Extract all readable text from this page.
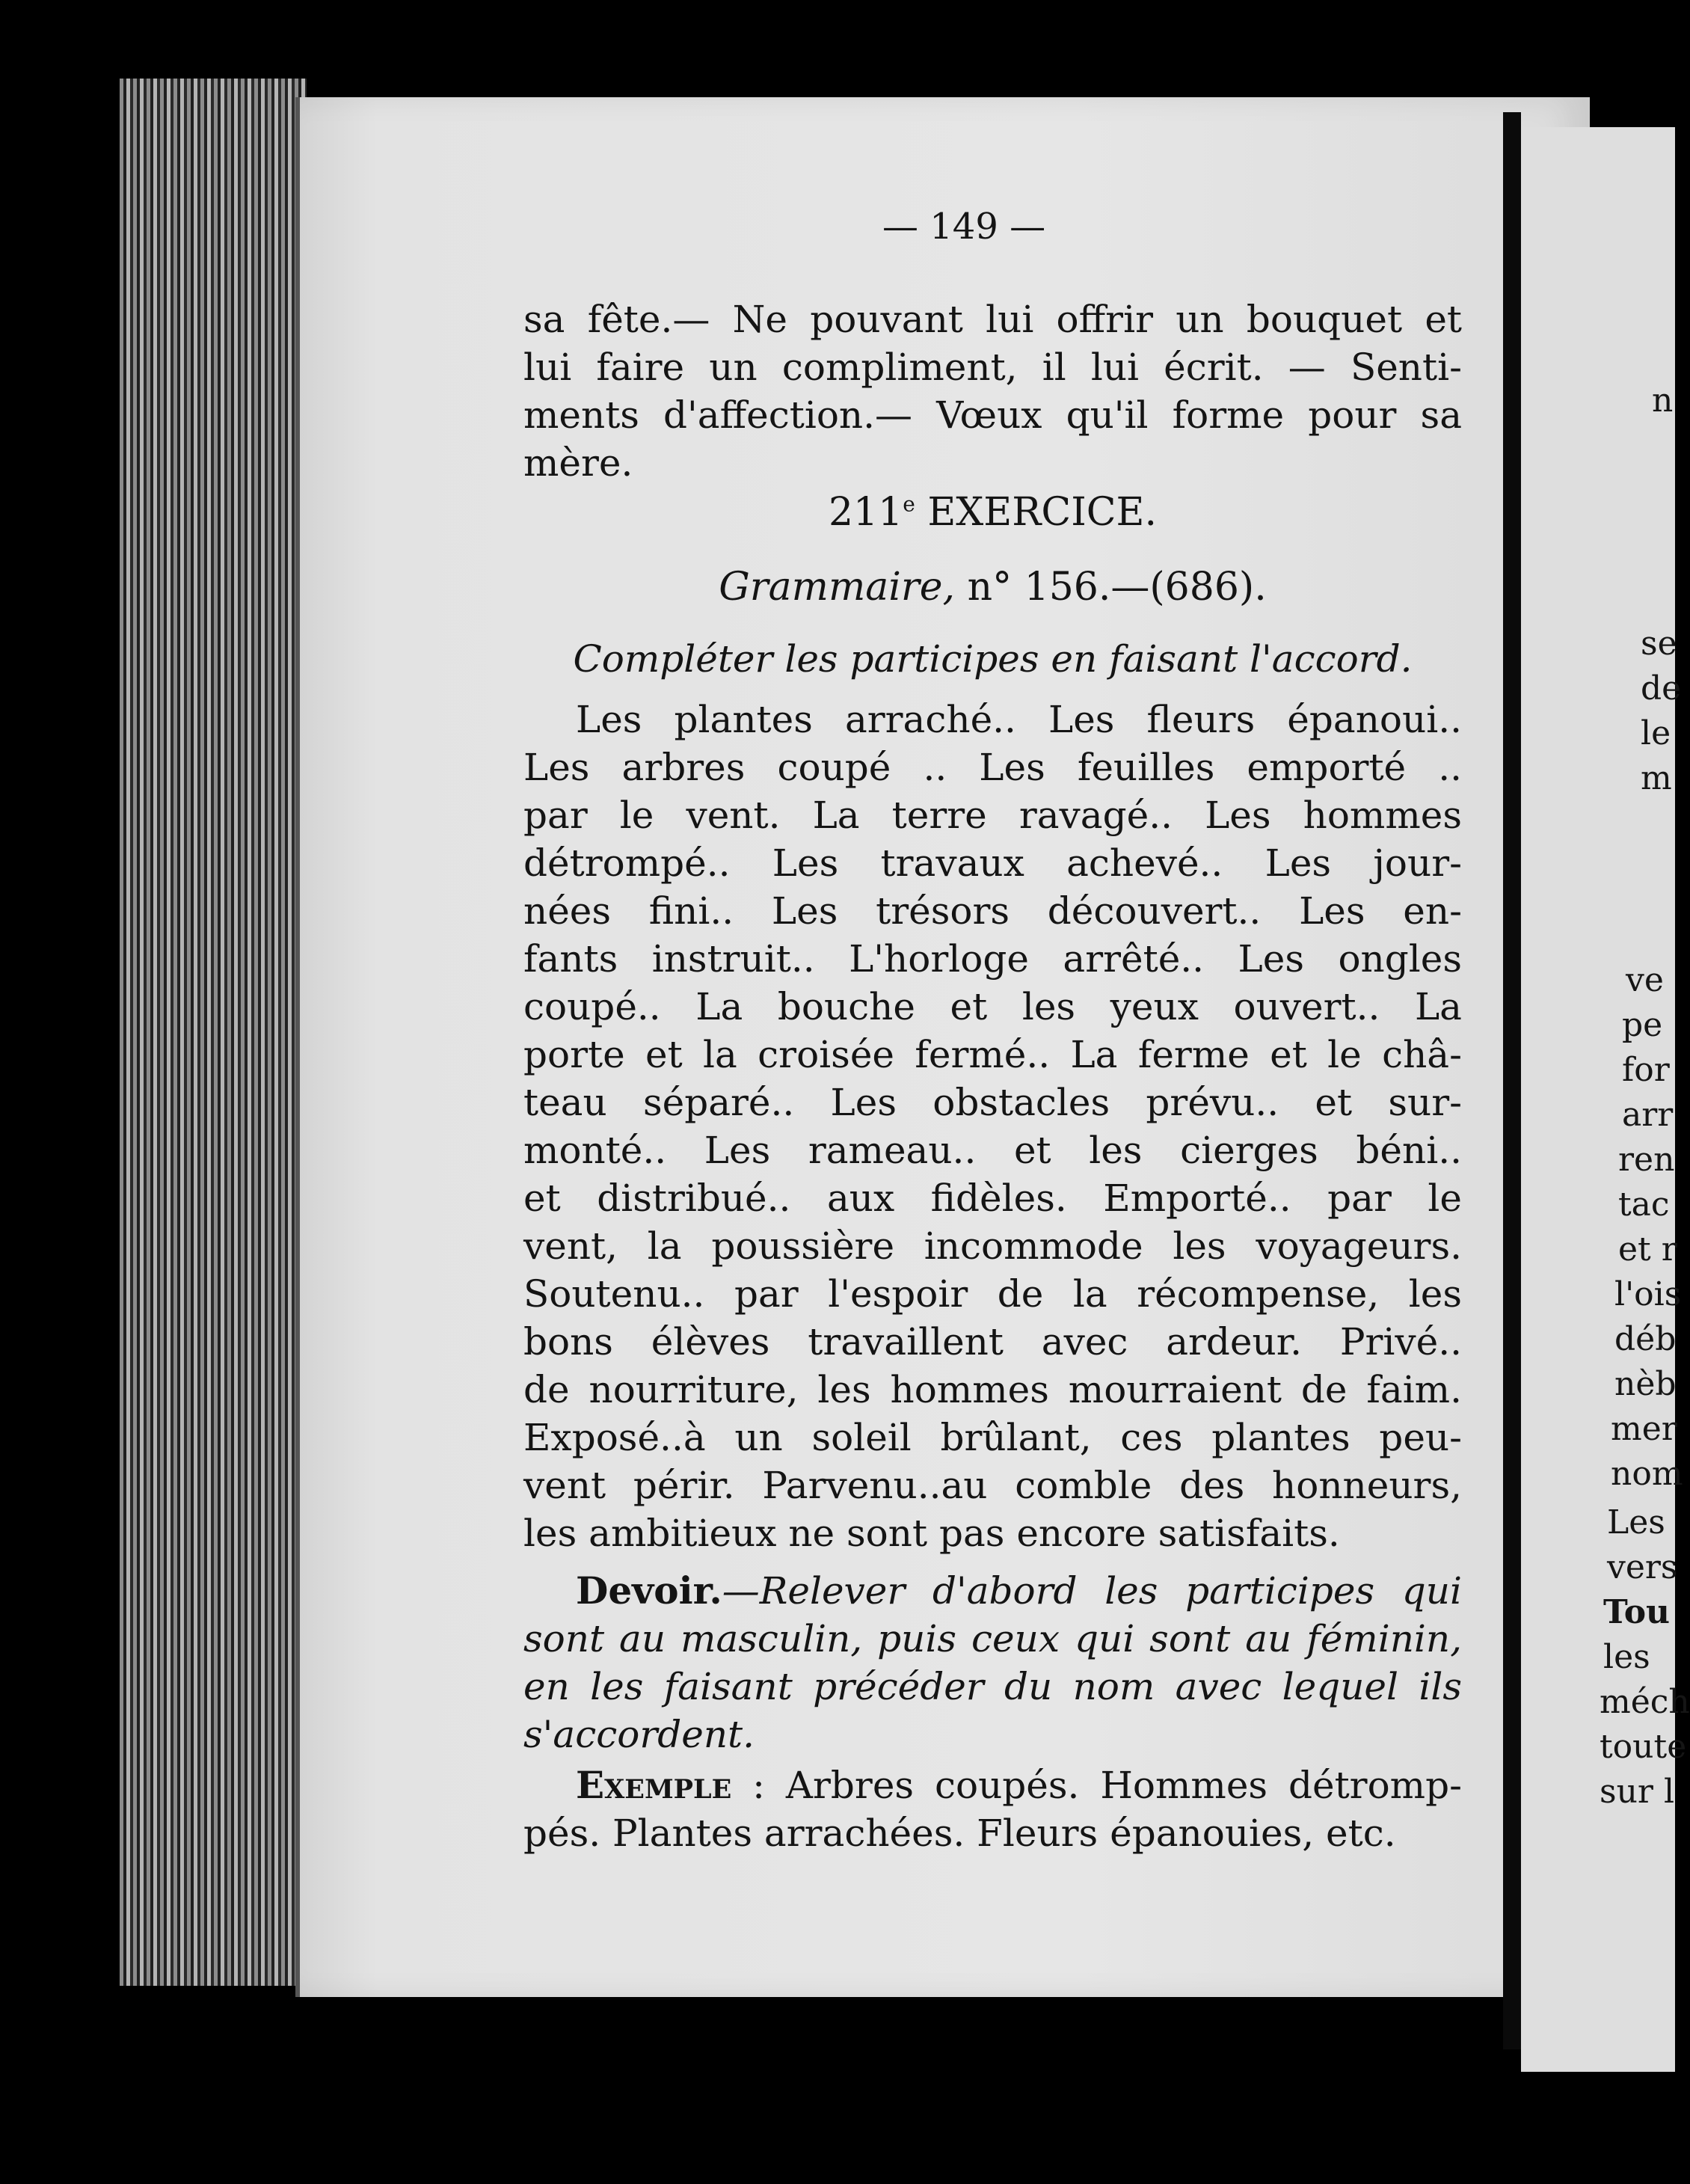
n
se
de
le
m
ve
pe
for
arr
ren
tac
et r
l'ois
déb
nèb
mer
nom
Les
vers
Tou
les
méch
toute
sur l
— 149 —
sa fête.— Ne pouvant lui offrir un bouquet et
lui faire un compliment, il lui écrit. — Senti-
ments d'affection.— Vœux qu'il forme pour sa
mère.
211e EXERCICE.
Grammaire, n° 156.—(686).
Compléter les participes en faisant l'accord.
Les plantes arraché.. Les fleurs épanoui..
Les arbres coupé .. Les feuilles emporté ..
par le vent. La terre ravagé.. Les hommes
détrompé.. Les travaux achevé.. Les jour-
nées fini.. Les trésors découvert.. Les en-
fants instruit.. L'horloge arrêté.. Les ongles
coupé.. La bouche et les yeux ouvert.. La
porte et la croisée fermé.. La ferme et le châ-
teau séparé.. Les obstacles prévu.. et sur-
monté.. Les rameau.. et les cierges béni..
et distribué.. aux fidèles. Emporté.. par le
vent, la poussière incommode les voyageurs.
Soutenu.. par l'espoir de la récompense, les
bons élèves travaillent avec ardeur. Privé..
de nourriture, les hommes mourraient de faim.
Exposé..à un soleil brûlant, ces plantes peu-
vent périr. Parvenu..au comble des honneurs,
les ambitieux ne sont pas encore satisfaits.
Devoir.—Relever d'abord les participes qui
sont au masculin, puis ceux qui sont au féminin,
en les faisant précéder du nom avec lequel ils
s'accordent.
Exemple : Arbres coupés. Hommes détromp-
pés. Plantes arrachées. Fleurs épanouies, etc.
